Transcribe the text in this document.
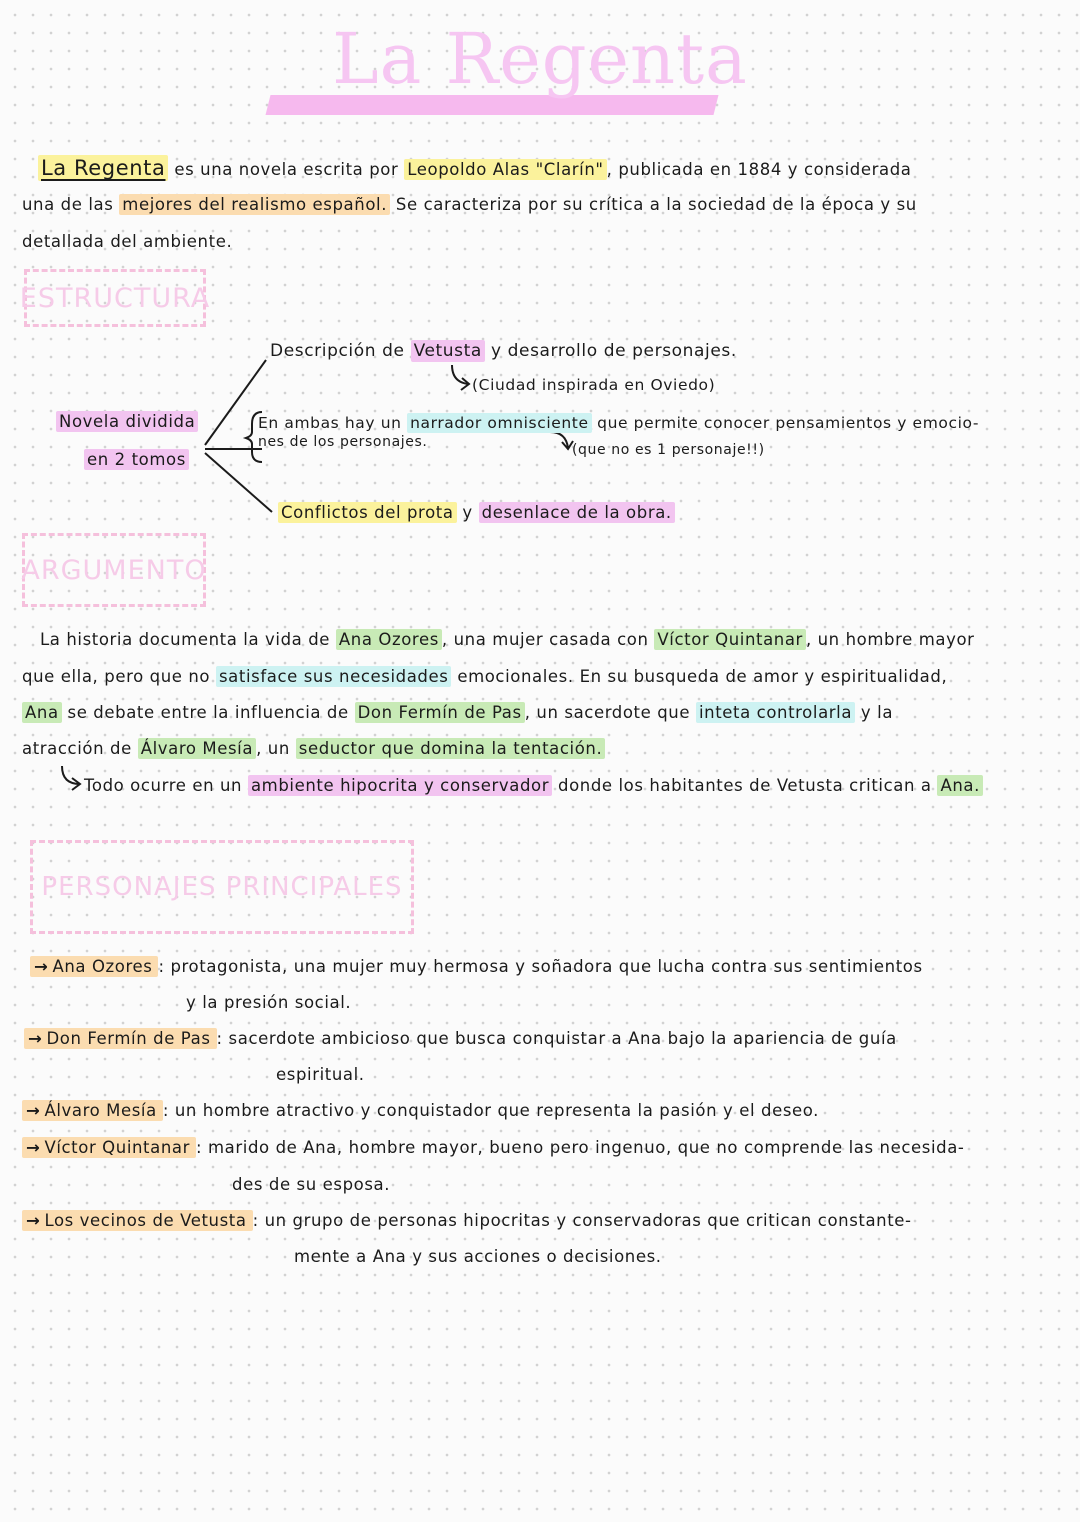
La Regenta
La Regenta es una novela escrita por Leopoldo Alas "Clarín" , publicada en 1884 y considerada
una de las mejores del realismo español. Se caracteriza por su crítica a la sociedad de la época y su
detallada del ambiente.
ESTRUCTURA
Novela dividida
en 2 tomos
Descripción de Vetusta y desarrollo de personajes.
(Ciudad inspirada en Oviedo)
En ambas hay un narrador omnisciente que permite conocer pensamientos y emocio-
nes de los personajes.	(que no es 1 personaje!!)
Conflictos del prota y desenlace de la obra.
ARGUMENTO
La historia documenta la vida de Ana Ozores , una mujer casada con Víctor Quintanar , un hombre mayor
que ella, pero que no satisface sus necesidades emocionales. En su busqueda de amor y espiritualidad,
Ana se debate entre la influencia de Don Fermín de Pas , un sacerdote que inteta controlarla y la
atracción de Álvaro Mesía , un seductor que domina la tentación.
Todo ocurre en un ambiente hipocrita y conservador donde los habitantes de Vetusta critican a Ana.
PERSONAJES PRINCIPALES
→ Ana Ozores : protagonista, una mujer muy hermosa y soñadora que lucha contra sus sentimientos
y la presión social.
→ Don Fermín de Pas : sacerdote ambicioso que busca conquistar a Ana bajo la apariencia de guía
espiritual.
→ Álvaro Mesía : un hombre atractivo y conquistador que representa la pasión y el deseo.
→ Víctor Quintanar : marido de Ana, hombre mayor, bueno pero ingenuo, que no comprende las necesida-
des de su esposa.
→ Los vecinos de Vetusta : un grupo de personas hipocritas y conservadoras que critican constante-
mente a Ana y sus acciones o decisiones.
